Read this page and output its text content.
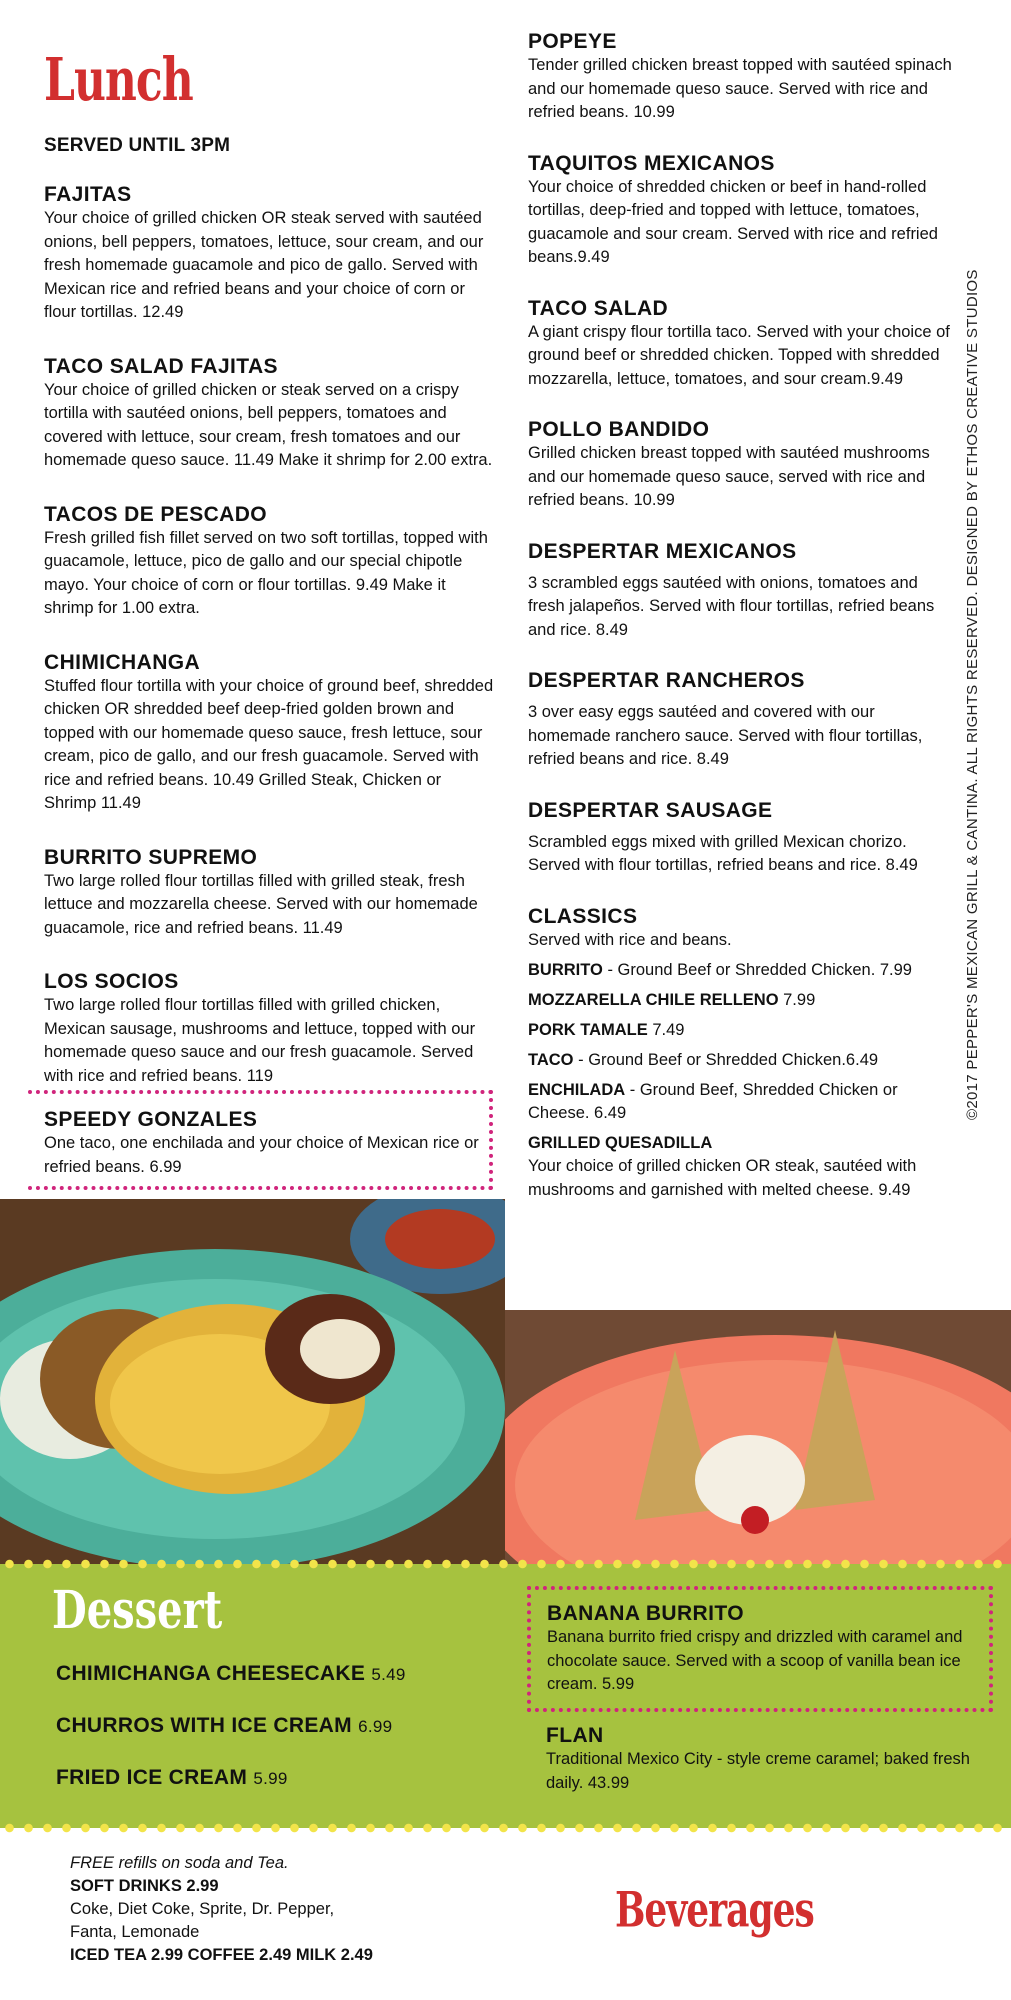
Lunch
SERVED UNTIL 3PM
FAJITAS
Your choice of grilled chicken OR steak served with sautéed onions, bell peppers, tomatoes, lettuce, sour cream, and our fresh homemade guacamole and pico de gallo. Served with Mexican rice and refried beans and your choice of corn or flour tortillas. 12.49
TACO SALAD FAJITAS
Your choice of grilled chicken or steak served on a crispy tortilla with sautéed onions, bell peppers, tomatoes and covered with lettuce, sour cream, fresh tomatoes and our homemade queso sauce. 11.49 Make it shrimp for 2.00 extra.
TACOS DE PESCADO
Fresh grilled fish fillet served on two soft tortillas, topped with guacamole, lettuce, pico de gallo and our special chipotle mayo. Your choice of corn or flour tortillas. 9.49 Make it shrimp for 1.00 extra.
CHIMICHANGA
Stuffed flour tortilla with your choice of ground beef, shredded chicken OR shredded beef deep-fried golden brown and topped with our homemade queso sauce, fresh lettuce, sour cream, pico de gallo, and our fresh guacamole. Served with rice and refried beans. 10.49 Grilled Steak, Chicken or Shrimp 11.49
BURRITO SUPREMO
Two large rolled flour tortillas filled with grilled steak, fresh lettuce and mozzarella cheese. Served with our homemade guacamole, rice and refried beans. 11.49
LOS SOCIOS
Two large rolled flour tortillas filled with grilled chicken, Mexican sausage, mushrooms and lettuce, topped with our homemade queso sauce and our fresh guacamole. Served with rice and refried beans. 119
SPEEDY GONZALES
One taco, one enchilada and your choice of Mexican rice or refried beans. 6.99
POPEYE
Tender grilled chicken breast topped with sautéed spinach and our homemade queso sauce. Served with rice and refried beans. 10.99
TAQUITOS MEXICANOS
Your choice of shredded chicken or beef in hand-rolled tortillas, deep-fried and topped with lettuce, tomatoes, guacamole and sour cream. Served with rice and refried beans.9.49
TACO SALAD
A giant crispy flour tortilla taco. Served with your choice of ground beef or shredded chicken. Topped with shredded mozzarella, lettuce, tomatoes, and sour cream.9.49
POLLO BANDIDO
Grilled chicken breast topped with sautéed mushrooms and our homemade queso sauce, served with rice and refried beans. 10.99
DESPERTAR MEXICANOS
3 scrambled eggs sautéed with onions, tomatoes and fresh jalapeños. Served with flour tortillas, refried beans and rice. 8.49
DESPERTAR RANCHEROS
3 over easy eggs sautéed and covered with our homemade ranchero sauce. Served with flour tortillas, refried beans and rice. 8.49
DESPERTAR SAUSAGE
Scrambled eggs mixed with grilled Mexican chorizo. Served with flour tortillas, refried beans and rice. 8.49
CLASSICS
Served with rice and beans.
BURRITO - Ground Beef or Shredded Chicken. 7.99
MOZZARELLA CHILE RELLENO 7.99
PORK TAMALE 7.49
TACO - Ground Beef or Shredded Chicken.6.49
ENCHILADA - Ground Beef, Shredded Chicken or Cheese. 6.49
GRILLED QUESADILLA
Your choice of grilled chicken OR steak, sautéed with mushrooms and garnished with melted cheese. 9.49
©2017 PEPPER'S MEXICAN GRILL & CANTINA. ALL RIGHTS RESERVED. DESIGNED BY ETHOS CREATIVE STUDIOS
Dessert
CHIMICHANGA CHEESECAKE 5.49
CHURROS WITH ICE CREAM 6.99
FRIED ICE CREAM 5.99
BANANA BURRITO
Banana burrito fried crispy and drizzled with caramel and chocolate sauce. Served with a scoop of vanilla bean ice cream. 5.99
FLAN
Traditional Mexico City - style creme caramel; baked fresh daily. 43.99
FREE refills on soda and Tea.
SOFT DRINKS 2.99
Coke, Diet Coke, Sprite, Dr. Pepper,
Fanta, Lemonade
ICED TEA 2.99 COFFEE 2.49 MILK 2.49
Beverages
